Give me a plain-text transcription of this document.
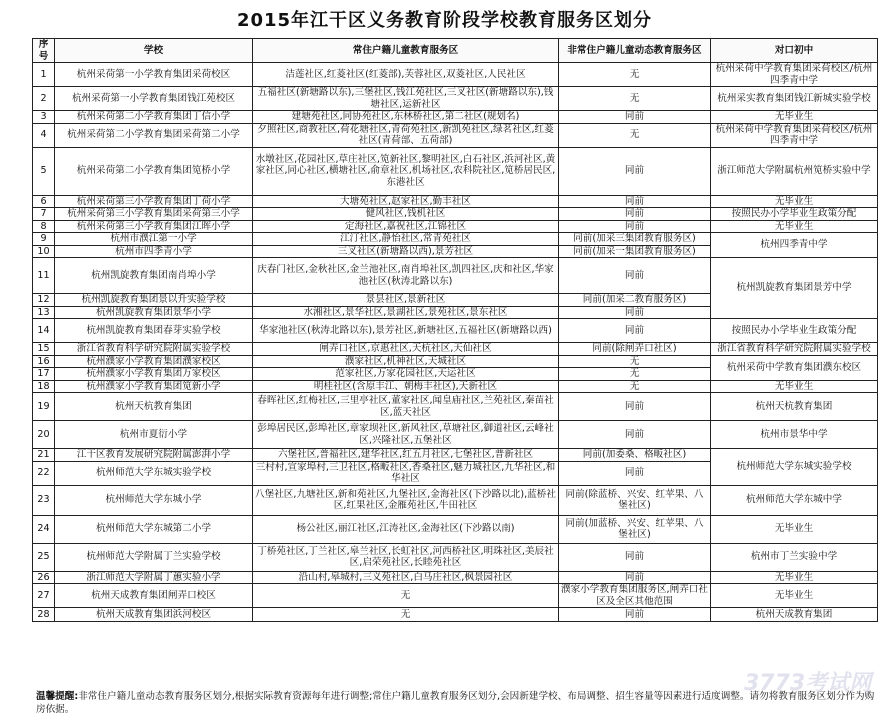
2015年江干区义务教育阶段学校教育服务区划分
序号	学校	常住户籍儿童教育服务区	非常住户籍儿童动态教育服务区	对口初中
1	杭州采荷第一小学教育集团采荷校区	洁莲社区,红菱社区(红菱部),芙蓉社区,双菱社区,人民社区	无	杭州采荷中学教育集团采荷校区/杭州四季青中学
2	杭州采荷第一小学教育集团钱江苑校区	五福社区(新塘路以东),三堡社区,钱江苑社区,三叉社区(新塘路以东),钱塘社区,运新社区	无	杭州采实教育集团钱江新城实验学校
3	杭州采荷第二小学教育集团丁信小学	建塘苑社区,同协苑社区,东林桥社区,第二社区(规划名)	同前	无毕业生
4	杭州采荷第二小学教育集团采荷第二小学	夕照社区,商教社区,荷花塘社区,青荷苑社区,新凯苑社区,绿茗社区,红菱社区(青荷部、五荷部)	无	杭州采荷中学教育集团采荷校区/杭州四季青中学
5	杭州采荷第二小学教育集团笕桥小学	水墩社区,花园社区,草庄社区,笕新社区,黎明社区,白石社区,浜河社区,黄家社区,同心社区,横塘社区,俞章社区,机场社区,农科院社区,笕桥居民区,东港社区	同前	浙江师范大学附属杭州笕桥实验中学
6	杭州采荷第三小学教育集团丁荷小学	大塘苑社区,赵家社区,勤丰社区	同前	无毕业生
7	杭州采荷第三小学教育集团采荷第三小学	健风社区,钱机社区	同前	按照民办小学毕业生政策分配
8	杭州采荷第三小学教育集团江晖小学	定海社区,嘉祝社区,江锦社区	同前	无毕业生
9	杭州市濮江第一小学	江汀社区,静怡社区,常青苑社区	同前(加采三集团教育服务区)	杭州四季青中学
10	杭州市四季青小学	三叉社区(新塘路以西),景芳社区	同前(加采一集团教育服务区)	
11	杭州凯旋教育集团南肖埠小学	庆春门社区,金秋社区,金兰池社区,南肖埠社区,凯四社区,庆和社区,华家池社区(秋涛北路以东)	同前	杭州凯旋教育集团景芳中学
12	杭州凯旋教育集团景以升实验学校	景昙社区,景新社区	同前(加采二教育服务区)	
13	杭州凯旋教育集团景华小学	水湘社区,景华社区,景湖社区,景苑社区,景东社区	同前	
14	杭州凯旋教育集团春芽实验学校	华家池社区(秋涛北路以东),景芳社区,新塘社区,五福社区(新塘路以西)	同前	按照民办小学毕业生政策分配
15	浙江省教育科学研究院附属实验学校	闸弄口社区,京惠社区,天杭社区,天仙社区	同前(除闸弄口社区)	浙江省教育科学研究院附属实验学校
16	杭州濮家小学教育集团濮家校区	濮家社区,机神社区,天城社区	无	杭州采荷中学教育集团濮东校区
17	杭州濮家小学教育集团万家校区	范家社区,万家花园社区,天运社区	无	
18	杭州濮家小学教育集团笕新小学	明桂社区(含原丰江、朝梅丰社区),天新社区	无	无毕业生
19	杭州天杭教育集团	春晖社区,红梅社区,三里亭社区,董家社区,闻皇庙社区,兰苑社区,秦苗社区,蓝天社区	同前	杭州天杭教育集团
20	杭州市夏衍小学	彭埠居民区,彭埠社区,章家坝社区,新风社区,草塘社区,御道社区,云峰社区,兴隆社区,五堡社区	同前	杭州市景华中学
21	江干区教育发展研究院附属澎湃小学	六堡社区,普福社区,建华社区,红五月社区,七堡社区,普新社区	同前(加委桑、格畈社区)	杭州师范大学东城实验学校
22	杭州师范大学东城实验学校	三村村,宣家埠村,三卫社区,格畈社区,香桑社区,魅力城社区,九华社区,和华社区	同前	
23	杭州师范大学东城小学	八堡社区,九塘社区,新和苑社区,九堡社区,金海社区(下沙路以北),蓝桥社区,红果社区,金雁苑社区,牛田社区	同前(除蓝桥、兴安、红苹果、八堡社区)	杭州师范大学东城中学
24	杭州师范大学东城第二小学	杨公社区,丽江社区,江涛社区,金海社区(下沙路以南)	同前(加蓝桥、兴安、红苹果、八堡社区)	无毕业生
25	杭州师范大学附属丁兰实验学校	丁桥苑社区,丁兰社区,皋兰社区,长虹社区,河西桥社区,明珠社区,美辰社区,启荣苑社区,长睦苑社区	同前	杭州市丁兰实验中学
26	浙江师范大学附属丁蕙实验小学	沿山村,皋城村,三义苑社区,白马庄社区,枫景园社区	同前	无毕业生
27	杭州天成教育集团闸弄口校区	无	濮家小学教育集团服务区,闸弄口社区及全区其他范围	无毕业生
28	杭州天成教育集团浜河校区	无	同前	杭州天成教育集团
温馨提醒:非常住户籍儿童动态教育服务区划分,根据实际教育资源每年进行调整;常住户籍儿童教育服务区划分,会因新建学校、布局调整、招生容量等因素进行适度调整。请勿将教育服务区划分作为购房依据。
3773考试网
